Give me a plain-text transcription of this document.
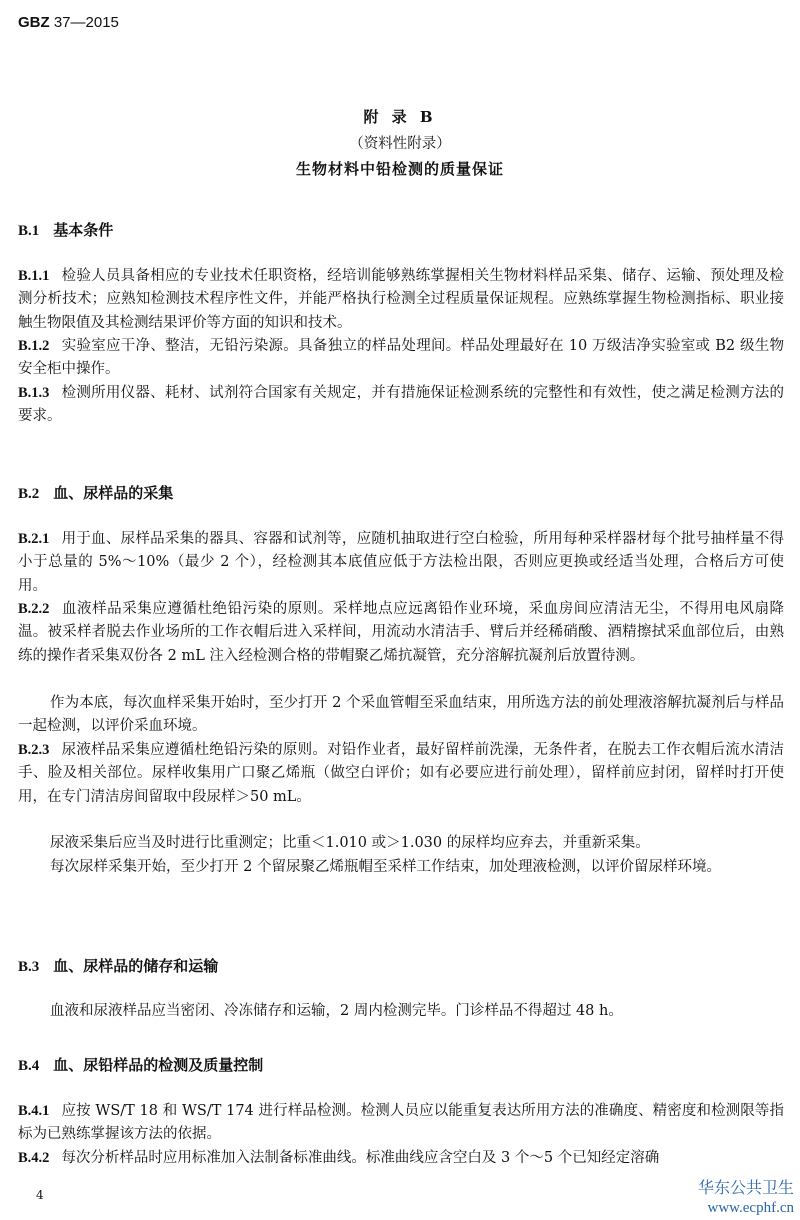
GBZ 37—2015
附 录 B
（资料性附录）
生物材料中铅检测的质量保证
B.1 基本条件
B.1.1 检验人员具备相应的专业技术任职资格，经培训能够熟练掌握相关生物材料样品采集、储存、运输、预处理及检测分析技术；应熟知检测技术程序性文件，并能严格执行检测全过程质量保证规程。应熟练掌握生物检测指标、职业接触生物限值及其检测结果评价等方面的知识和技术。
B.1.2 实验室应干净、整洁，无铅污染源。具备独立的样品处理间。样品处理最好在 10 万级洁净实验室或 B2 级生物安全柜中操作。
B.1.3 检测所用仪器、耗材、试剂符合国家有关规定，并有措施保证检测系统的完整性和有效性，使之满足检测方法的要求。
B.2 血、尿样品的采集
B.2.1 用于血、尿样品采集的器具、容器和试剂等，应随机抽取进行空白检验，所用每种采样器材每个批号抽样量不得小于总量的 5%～10%（最少 2 个），经检测其本底值应低于方法检出限，否则应更换或经适当处理，合格后方可使用。
B.2.2 血液样品采集应遵循杜绝铅污染的原则。采样地点应远离铅作业环境，采血房间应清洁无尘，不得用电风扇降温。被采样者脱去作业场所的工作衣帽后进入采样间，用流动水清洁手、臂后并经稀硝酸、酒精擦拭采血部位后，由熟练的操作者采集双份各 2 mL 注入经检测合格的带帽聚乙烯抗凝管，充分溶解抗凝剂后放置待测。
作为本底，每次血样采集开始时，至少打开 2 个采血管帽至采血结束，用所选方法的前处理液溶解抗凝剂后与样品一起检测，以评价采血环境。
B.2.3 尿液样品采集应遵循杜绝铅污染的原则。对铅作业者，最好留样前洗澡，无条件者，在脱去工作衣帽后流水清洁手、脸及相关部位。尿样收集用广口聚乙烯瓶（做空白评价；如有必要应进行前处理），留样前应封闭，留样时打开使用，在专门清洁房间留取中段尿样＞50 mL。
尿液采集后应当及时进行比重测定；比重＜1.010 或＞1.030 的尿样均应弃去，并重新采集。
每次尿样采集开始，至少打开 2 个留尿聚乙烯瓶帽至采样工作结束，加处理液检测，以评价留尿样环境。
B.3 血、尿样品的储存和运输
血液和尿液样品应当密闭、冷冻储存和运输，2 周内检测完毕。门诊样品不得超过 48 h。
B.4 血、尿铅样品的检测及质量控制
B.4.1 应按 WS/T 18 和 WS/T 174 进行样品检测。检测人员应以能重复表达所用方法的准确度、精密度和检测限等指标为已熟练掌握该方法的依据。
B.4.2 每次分析样品时应用标准加入法制备标准曲线。标准曲线应含空白及 3 个～5 个已知经定溶确
4	华东公共卫生
www.ecphf.cn
